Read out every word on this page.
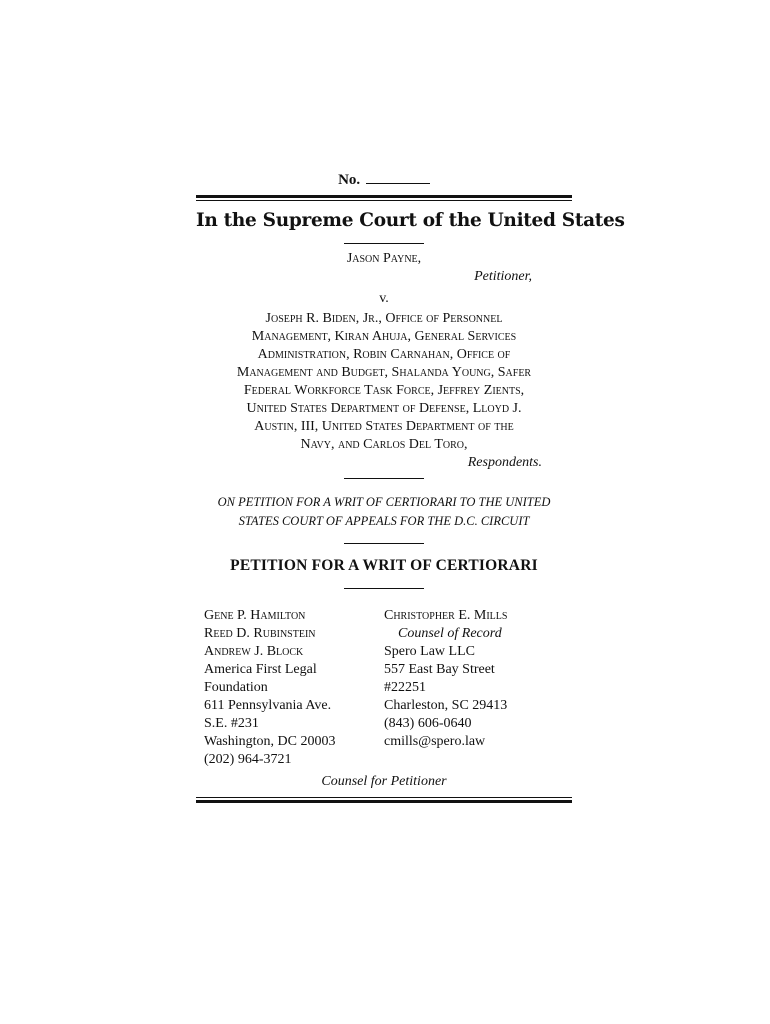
No.
In the Supreme Court of the United States
Jason Payne,
Petitioner,
v.
Joseph R. Biden, Jr., Office of Personnel
Management, Kiran Ahuja, General Services
Administration, Robin Carnahan, Office of
Management and Budget, Shalanda Young, Safer
Federal Workforce Task Force, Jeffrey Zients,
United States Department of Defense, Lloyd J.
Austin, III, United States Department of the
Navy, and Carlos Del Toro,
Respondents.
ON PETITION FOR A WRIT OF CERTIORARI TO THE UNITED
STATES COURT OF APPEALS FOR THE D.C. CIRCUIT
PETITION FOR A WRIT OF CERTIORARI
Gene P. Hamilton
Reed D. Rubinstein
Andrew J. Block
America First Legal
Foundation
611 Pennsylvania Ave.
S.E. #231
Washington, DC 20003
(202) 964-3721
Christopher E. Mills
Counsel of Record
Spero Law LLC
557 East Bay Street
#22251
Charleston, SC 29413
(843) 606-0640
cmills@spero.law
Counsel for Petitioner
